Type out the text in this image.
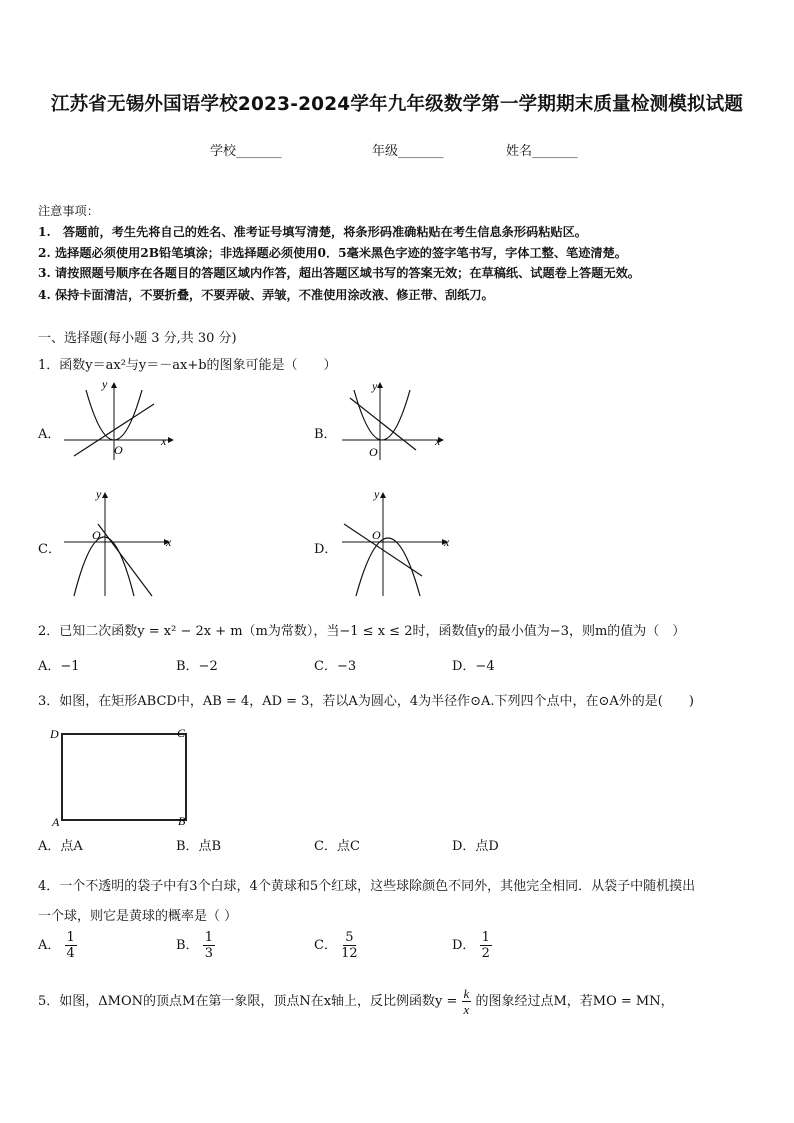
江苏省无锡外国语学校2023-2024学年九年级数学第一学期期末质量检测模拟试题
学校_______	年级_______	姓名_______
注意事项：
1.　答题前，考生先将自己的姓名、准考证号填写清楚，将条形码准确粘贴在考生信息条形码粘贴区。
2. 选择题必须使用2B铅笔填涂；非选择题必须使用0．5毫米黑色字迹的签字笔书写，字体工整、笔迹清楚。
3. 请按照题号顺序在各题目的答题区域内作答，超出答题区域书写的答案无效；在草稿纸、试题卷上答题无效。
4. 保持卡面清洁，不要折叠，不要弄破、弄皱，不准使用涂改液、修正带、刮纸刀。
一、选择题(每小题 3 分,共 30 分)
1．函数y＝ax²与y＝－ax+b的图象可能是（　　）
A．
O
x
y
B．
O
x
y
C．
O	x
y
D．
O	x
y
2．已知二次函数y = x² − 2x + m（m为常数），当−1 ≤ x ≤ 2时，函数值y的最小值为−3，则m的值为（　）
A．−1	B．−2	C．−3	D．−4
3．如图，在矩形ABCD中，AB = 4，AD = 3，若以A为圆心，4为半径作⊙A.下列四个点中，在⊙A外的是(　　)
D	C
A	B
A．点A	B．点B	C．点C	D．点D
4．一个不透明的袋子中有3个白球，4个黄球和5个红球，这些球除颜色不同外，其他完全相同．从袋子中随机摸出
一个球，则它是黄球的概率是（ ）
A． $\frac{1}{4}$	B． $\frac{1}{3}$	C． $\frac{5}{12}$	D． $\frac{1}{2}$
5．如图，ΔMON的顶点M在第一象限，顶点N在x轴上，反比例函数$y = \frac{k}{x}$ 的图象经过点M，若MO = MN，
